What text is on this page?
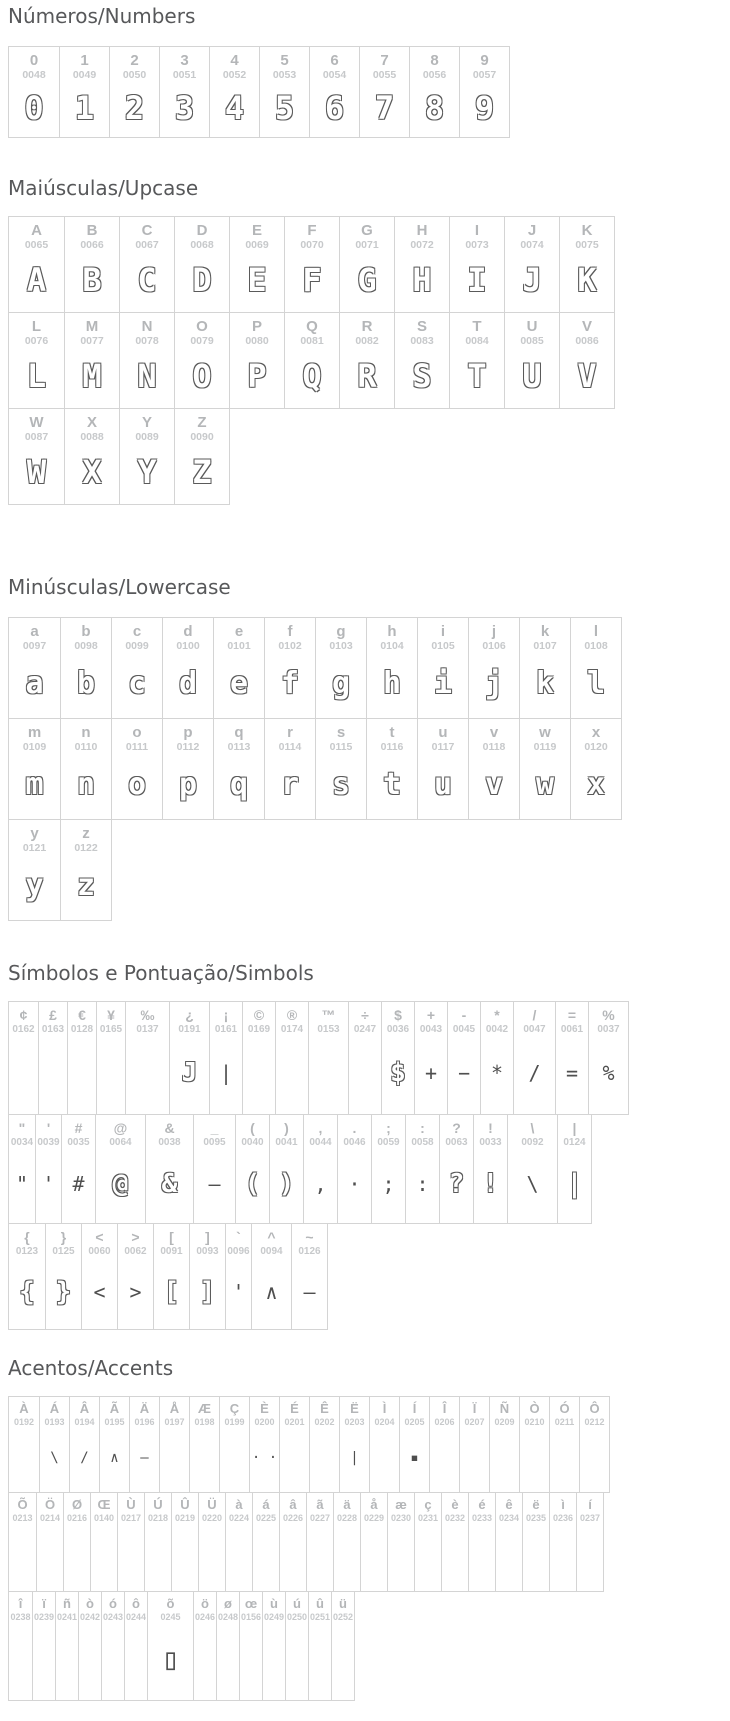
Números/Numbers
0
0048
0
1
0049
1
2
0050
2
3
0051
3
4
0052
4
5
0053
5
6
0054
6
7
0055
7
8
0056
8
9
0057
9
Maiúsculas/Upcase
A
0065
A
B
0066
B
C
0067
C
D
0068
D
E
0069
E
F
0070
F
G
0071
G
H
0072
H
I
0073
I
J
0074
J
K
0075
K
L
0076
L
M
0077
M
N
0078
N
O
0079
O
P
0080
P
Q
0081
Q
R
0082
R
S
0083
S
T
0084
T
U
0085
U
V
0086
V
W
0087
W
X
0088
X
Y
0089
Y
Z
0090
Z
Minúsculas/Lowercase
a
0097
a
b
0098
b
c
0099
c
d
0100
d
e
0101
e
f
0102
f
g
0103
g
h
0104
h
i
0105
i
j
0106
j
k
0107
k
l
0108
l
m
0109
m
n
0110
n
o
0111
o
p
0112
p
q
0113
q
r
0114
r
s
0115
s
t
0116
t
u
0117
u
v
0118
v
w
0119
w
x
0120
x
y
0121
y
z
0122
z
Símbolos e Pontuação/Simbols
¢
0162
£
0163
€
0128
¥
0165
‰
0137
¿
0191
J
¡
0161
|
©
0169
®
0174
™
0153
÷
0247
$
0036
$
+
0043
+
-
0045
−
*
0042
*
/
0047
/
=
0061
=
%
0037
%
"
0034
"
'
0039
'
#
0035
#
@
0064
@
&
0038
&
_
0095
—
(
0040
(
)
0041
)
,
0044
,
.
0046
·
;
0059
;
:
0058
:
?
0063
?
!
0033
!
\
0092
\
|
0124
|
{
0123
{
}
0125
}
<
0060
<
>
0062
>
[
0091
[
]
0093
]
`
0096
'
^
0094
∧
~
0126
–
Acentos/Accents
À
0192
Á
0193
\
Â
0194
/
Ã
0195
∧
Ä
0196
—
Å
0197
Æ
0198
Ç
0199
È
0200
· ·
É
0201
Ê
0202
Ë
0203
|
Ì
0204
Í
0205
▪
Î
0206
Ï
0207
Ñ
0209
Ò
0210
Ó
0211
Ô
0212
Õ
0213
Ö
0214
Ø
0216
Œ
0140
Ù
0217
Ú
0218
Û
0219
Ü
0220
à
0224
á
0225
â
0226
ã
0227
ä
0228
å
0229
æ
0230
ç
0231
è
0232
é
0233
ê
0234
ë
0235
ì
0236
í
0237
î
0238
ï
0239
ñ
0241
ò
0242
ó
0243
ô
0244
õ
0245
▯
ö
0246
ø
0248
œ
0156
ù
0249
ú
0250
û
0251
ü
0252
